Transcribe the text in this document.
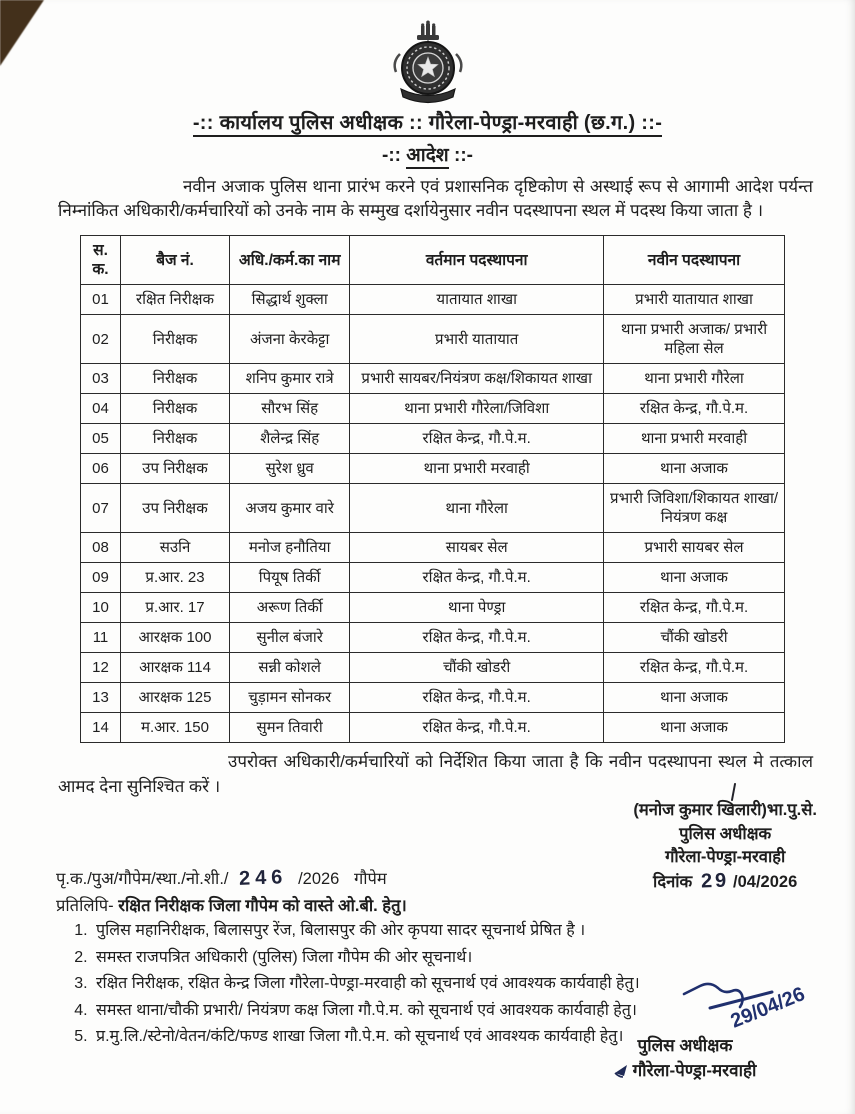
-:: कार्यालय पुलिस अधीक्षक :: गौरेला-पेण्ड्रा-मरवाही (छ.ग.) ::-
-:: आदेश ::-

नवीन अजाक पुलिस थाना प्रारंभ करने एवं प्रशासनिक दृष्टिकोण से अस्थाई रूप से आगामी आदेश पर्यन्त निम्नांकित अधिकारी/कर्मचारियों को उनके नाम के सम्मुख दर्शायेनुसार नवीन पदस्थापना स्थल में पदस्थ किया जाता है ।

स. क.	बैज नं.	अधि./कर्म.का नाम	वर्तमान पदस्थापना	नवीन पदस्थापना
01	रक्षित निरीक्षक	सिद्धार्थ शुक्ला	यातायात शाखा	प्रभारी यातायात शाखा
02	निरीक्षक	अंजना केरकेट्टा	प्रभारी यातायात	थाना प्रभारी अजाक/ प्रभारी महिला सेल
03	निरीक्षक	शनिप कुमार रात्रे	प्रभारी सायबर/नियंत्रण कक्ष/शिकायत शाखा	थाना प्रभारी गौरेला
04	निरीक्षक	सौरभ सिंह	थाना प्रभारी गौरेला/जिविशा	रक्षित केन्द्र, गौ.पे.म.
05	निरीक्षक	शैलेन्द्र सिंह	रक्षित केन्द्र, गौ.पे.म.	थाना प्रभारी मरवाही
06	उप निरीक्षक	सुरेश ध्रुव	थाना प्रभारी मरवाही	थाना अजाक
07	उप निरीक्षक	अजय कुमार वारे	थाना गौरेला	प्रभारी जिविशा/शिकायत शाखा/ नियंत्रण कक्ष
08	सउनि	मनोज हनौतिया	सायबर सेल	प्रभारी सायबर सेल
09	प्र.आर. 23	पियूष तिर्की	रक्षित केन्द्र, गौ.पे.म.	थाना अजाक
10	प्र.आर. 17	अरूण तिर्की	थाना पेण्ड्रा	रक्षित केन्द्र, गौ.पे.म.
11	आरक्षक 100	सुनील बंजारे	रक्षित केन्द्र, गौ.पे.म.	चौंकी खोडरी
12	आरक्षक 114	सन्नी कोशले	चौंकी खोडरी	रक्षित केन्द्र, गौ.पे.म.
13	आरक्षक 125	चुड़ामन सोनकर	रक्षित केन्द्र, गौ.पे.म.	थाना अजाक
14	म.आर. 150	सुमन तिवारी	रक्षित केन्द्र, गौ.पे.म.	थाना अजाक

उपरोक्त अधिकारी/कर्मचारियों को निर्देशित किया जाता है कि नवीन पदस्थापना स्थल मे तत्काल आमद देना सुनिश्चित करें ।

(मनोज कुमार खिलारी)भा.पु.से.
पुलिस अधीक्षक
गौरेला-पेण्ड्रा-मरवाही
दिनांक 29 /04/2026
पृ.क./पुअ/गौपेम/स्था./नो.शी./ 246 /2026 गौपेम
प्रतिलिपि- रक्षित निरीक्षक जिला गौपेम को वास्ते ओ.बी. हेतु।
1. पुलिस महानिरीक्षक, बिलासपुर रेंज, बिलासपुर की ओर कृपया सादर सूचनार्थ प्रेषित है ।
2. समस्त राजपत्रित अधिकारी (पुलिस) जिला गौपेम की ओर सूचनार्थ।
3. रक्षित निरीक्षक, रक्षित केन्द्र जिला गौरेला-पेण्ड्रा-मरवाही को सूचनार्थ एवं आवश्यक कार्यवाही हेतु।
4. समस्त थाना/चौकी प्रभारी/ नियंत्रण कक्ष जिला गौ.पे.म. को सूचनार्थ एवं आवश्यक कार्यवाही हेतु।
5. प्र.मु.लि./स्टेनो/वेतन/कंटि/फण्ड शाखा जिला गौ.पे.म. को सूचनार्थ एवं आवश्यक कार्यवाही हेतु।
29/04/26
पुलिस अधीक्षक
गौरेला-पेण्ड्रा-मरवाही
